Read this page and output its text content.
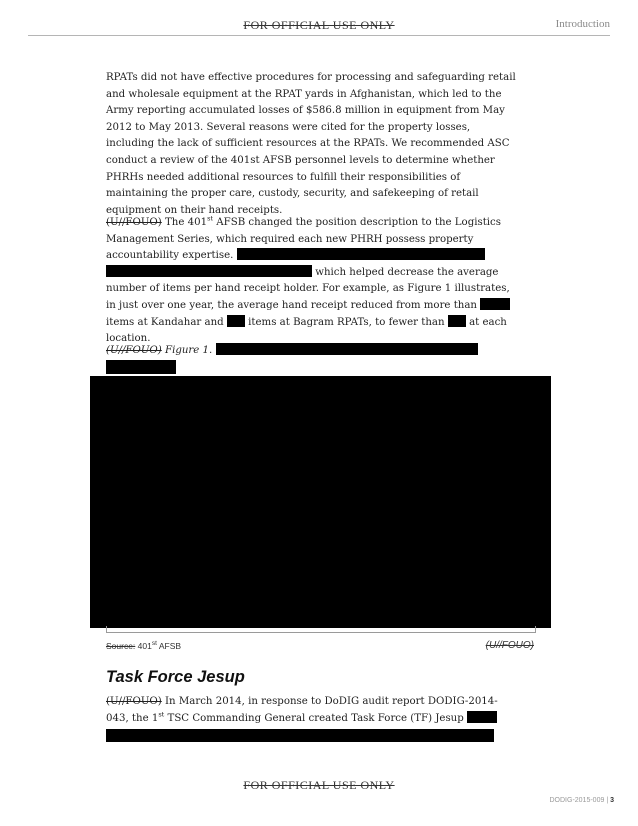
FOR OFFICIAL USE ONLY	Introduction
RPATs did not have effective procedures for processing and safeguarding retail and wholesale equipment at the RPAT yards in Afghanistan, which led to the Army reporting accumulated losses of $586.8 million in equipment from May 2012 to May 2013. Several reasons were cited for the property losses, including the lack of sufficient resources at the RPATs. We recommended ASC conduct a review of the 401st AFSB personnel levels to determine whether PHRHs needed additional resources to fulfill their responsibilities of maintaining the proper care, custody, security, and safekeeping of retail equipment on their hand receipts.
(U//FOUO) The 401st AFSB changed the position description to the Logistics Management Series, which required each new PHRH possess property accountability expertise.   which helped decrease the average number of items per hand receipt holder. For example, as Figure 1 illustrates, in just over one year, the average hand receipt reduced from more than  items at Kandahar and items at Bagram RPATs, to fewer than at each location.
(U//FOUO) Figure 1.
Source: 401st AFSB	(U//FOUO)
Task Force Jesup
(U//FOUO) In March 2014, in response to DoDIG audit report DODIG-2014-043, the 1st TSC Commanding General created Task Force (TF) Jesup
FOR OFFICIAL USE ONLY
DODIG-2015-009 | 3
